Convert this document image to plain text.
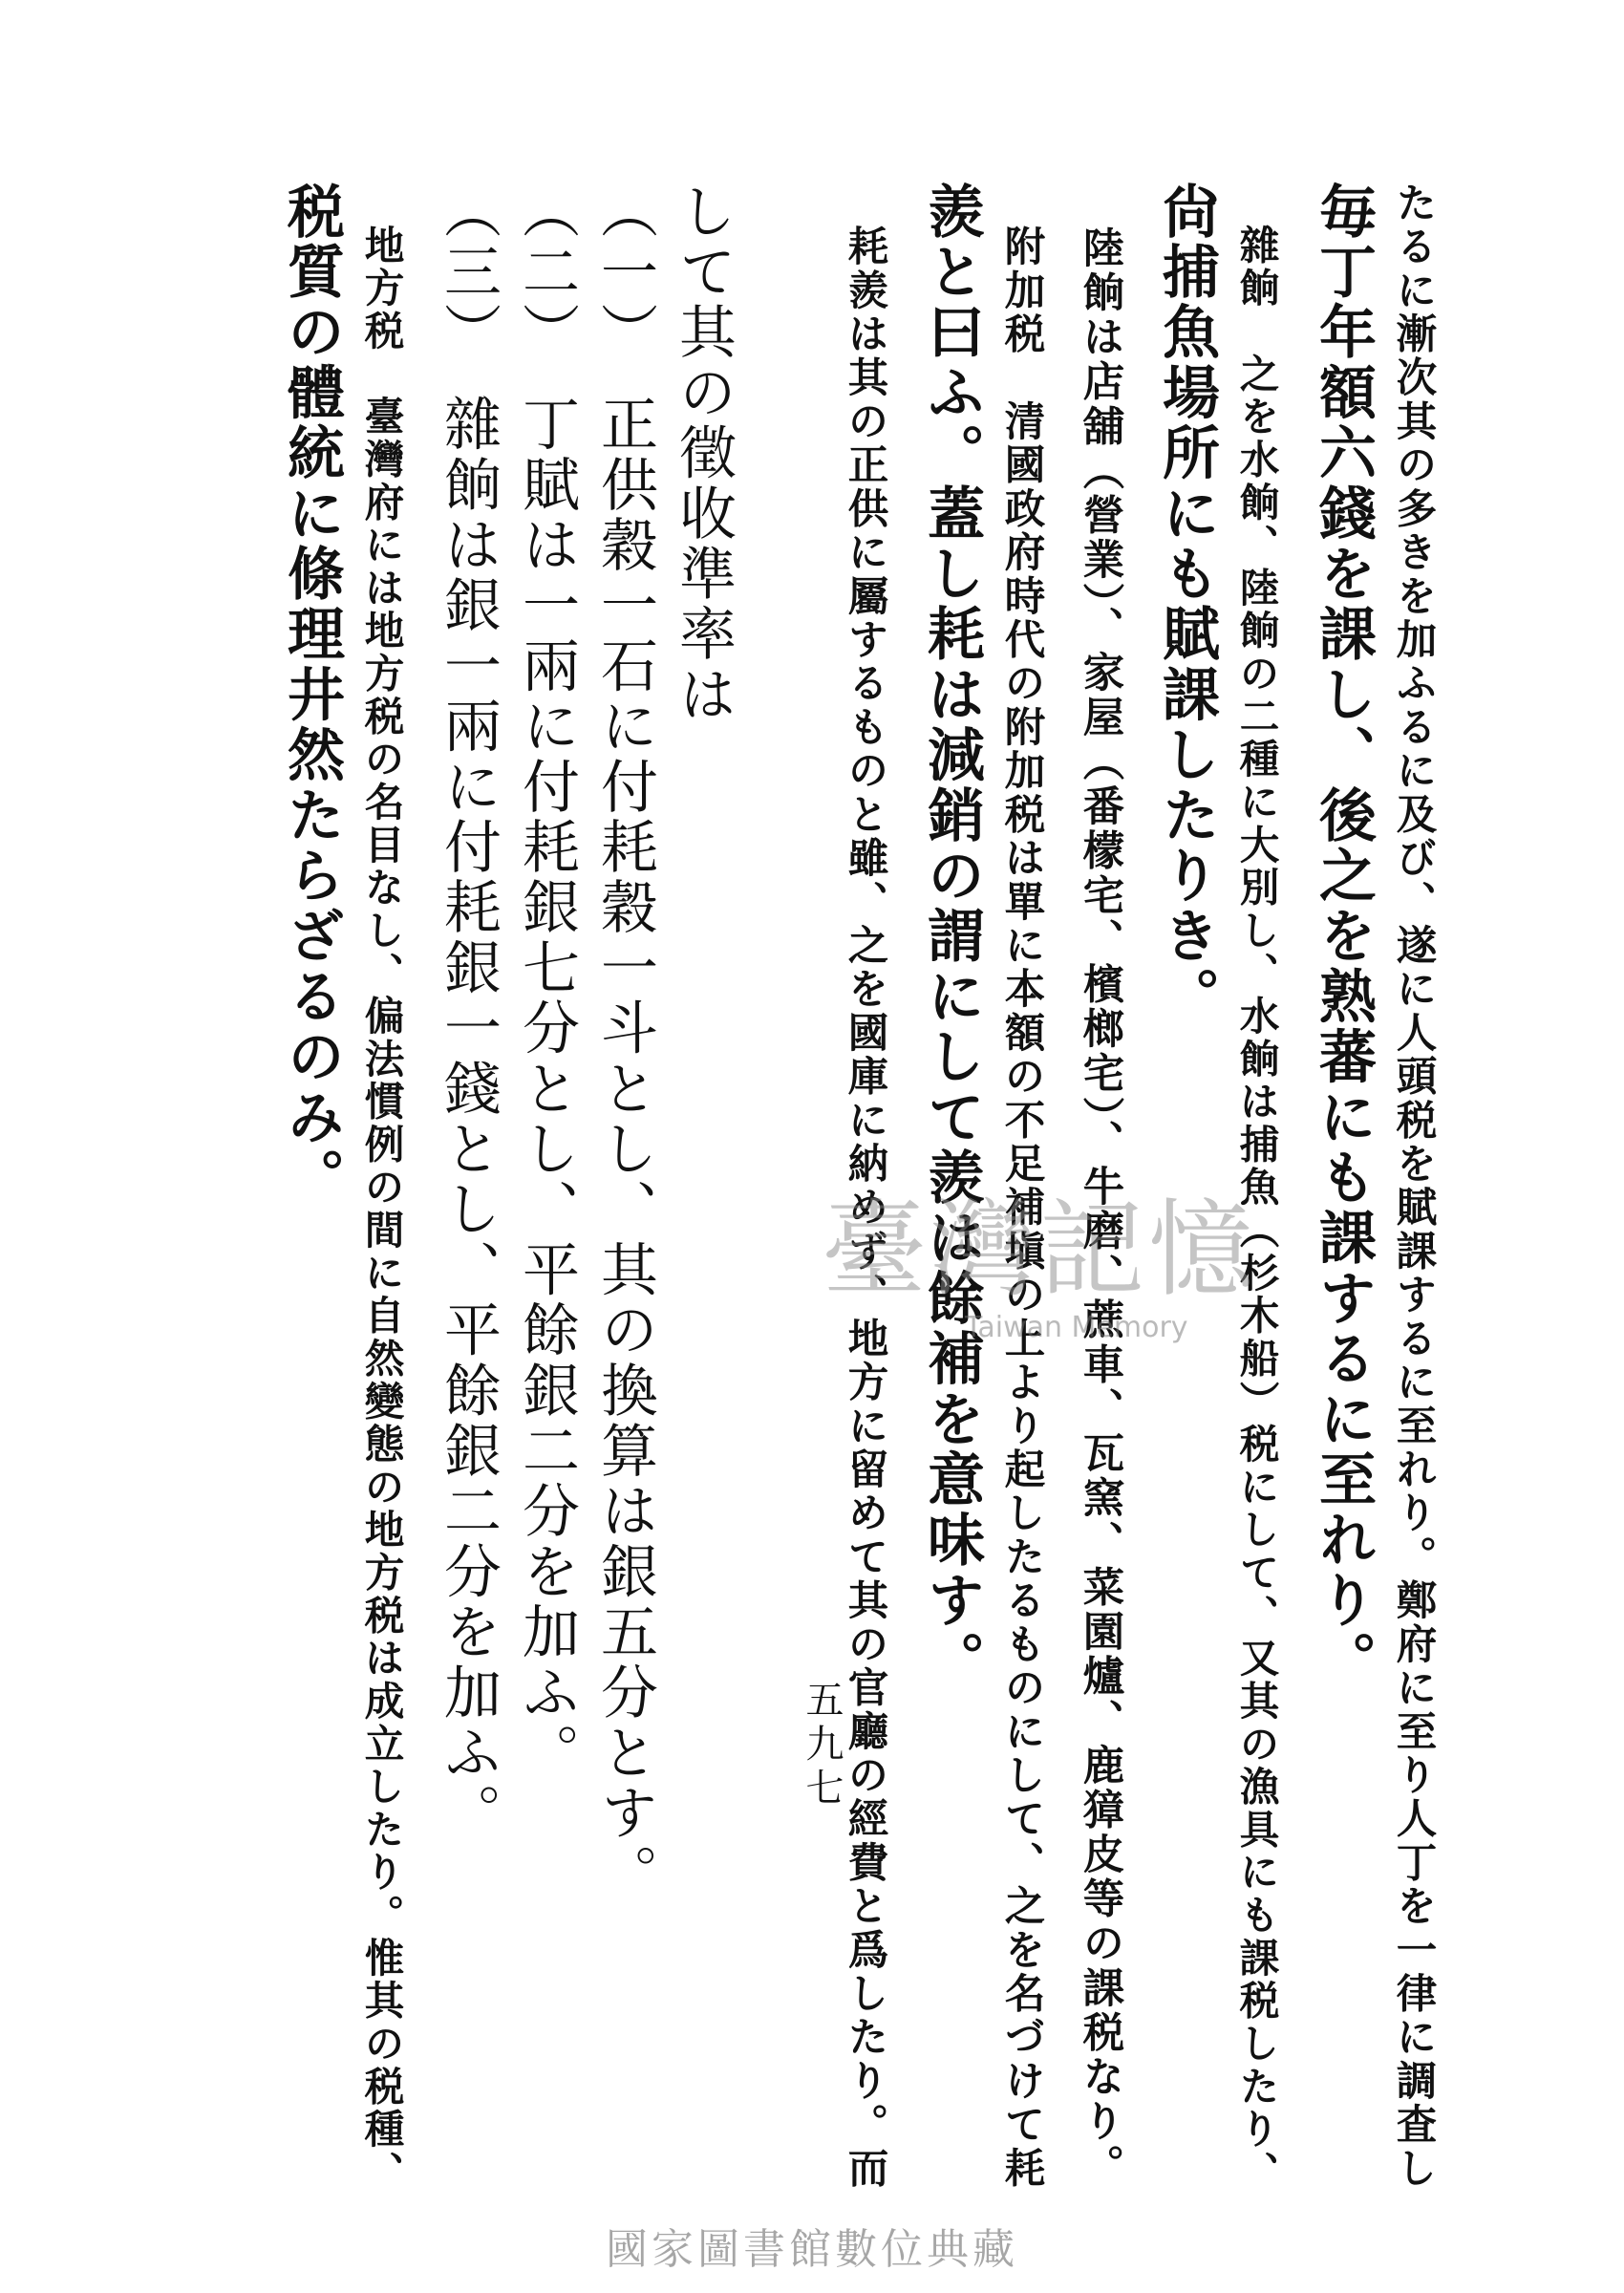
たるに漸次其の多きを加ふるに及び、遂に人頭税を賦課するに至れり。鄭府に至り人丁を一律に調査し
毎丁年額六錢を課し、後之を熟蕃にも課するに至れり。
　雜餉　之を水餉、陸餉の二種に大別し、水餉は捕魚（杉木船）税にして、又其の漁具にも課税したり、
尙捕魚場所にも賦課したりき。
　陸餉は店舖（營業）、家屋（番檬宅、檳榔宅）、牛磨、蔗車、瓦窯、菜園爐、鹿獐皮等の課税なり。
　附加税　清國政府時代の附加税は單に本額の不足補塡の上より起したるものにして、之を名づけて耗
羨と曰ふ。蓋し耗は減銷の謂にして羨は餘補を意味す。
　耗羨は其の正供に屬するものと雖、之を國庫に納めず、地方に留めて其の官廳の經費と爲したり。而
して其の徵收準率は
（一）　正供穀一石に付耗穀一斗とし、其の換算は銀五分とす。
（二）　丁賦は一兩に付耗銀七分とし、平餘銀二分を加ふ。
（三）　雜餉は銀一兩に付耗銀一錢とし、平餘銀二分を加ふ。
　地方税　臺灣府には地方税の名目なし、偏法慣例の間に自然變態の地方税は成立したり。惟其の税種、
税質の體統に條理井然たらざるのみ。
臺灣記憶
Taiwan Memory
五九七
國家圖書館數位典藏
